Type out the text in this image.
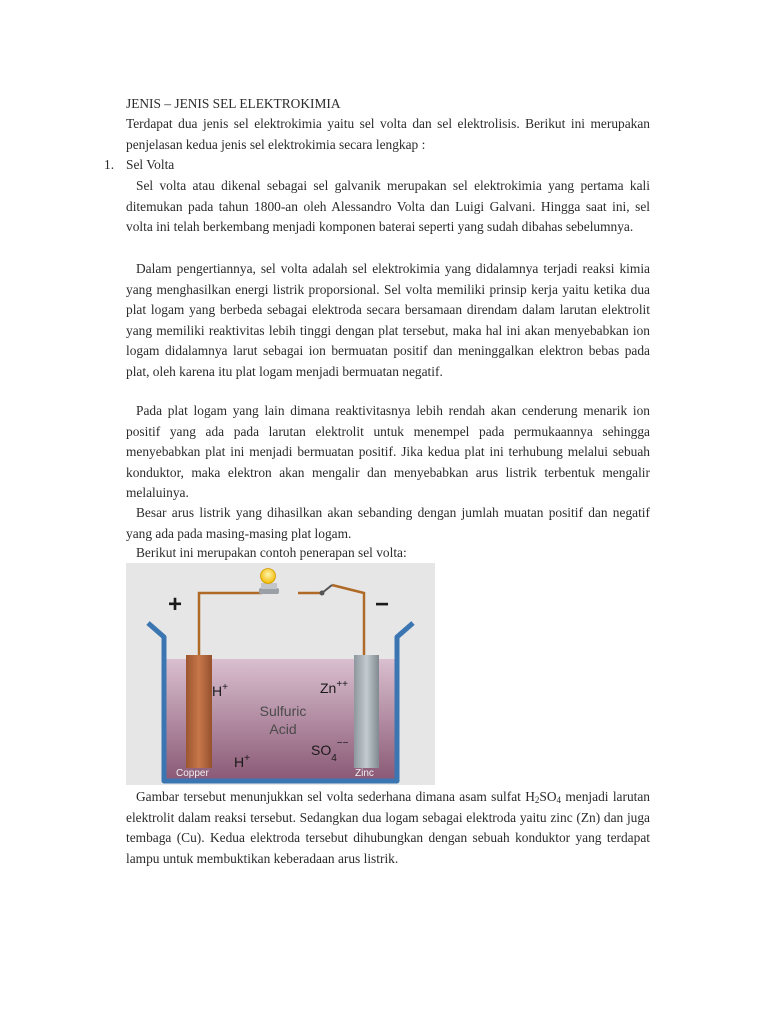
JENIS – JENIS SEL ELEKTROKIMIA

Terdapat dua jenis sel elektrokimia yaitu sel volta dan sel elektrolisis. Berikut ini merupakan penjelasan kedua jenis sel elektrokimia secara lengkap :

1. Sel Volta

Sel volta atau dikenal sebagai sel galvanik merupakan sel elektrokimia yang pertama kali ditemukan pada tahun 1800-an oleh Alessandro Volta dan Luigi Galvani. Hingga saat ini, sel volta ini telah berkembang menjadi komponen baterai seperti yang sudah dibahas sebelumnya.

Dalam pengertiannya, sel volta adalah sel elektrokimia yang didalamnya terjadi reaksi kimia yang menghasilkan energi listrik proporsional. Sel volta memiliki prinsip kerja yaitu ketika dua plat logam yang berbeda sebagai elektroda secara bersamaan direndam dalam larutan elektrolit yang memiliki reaktivitas lebih tinggi dengan plat tersebut, maka hal ini akan menyebabkan ion logam didalamnya larut sebagai ion bermuatan positif dan meninggalkan elektron bebas pada plat, oleh karena itu plat logam menjadi bermuatan negatif.

Pada plat logam yang lain dimana reaktivitasnya lebih rendah akan cenderung menarik ion positif yang ada pada larutan elektrolit untuk menempel pada permukaannya sehingga menyebabkan plat ini menjadi bermuatan positif. Jika kedua plat ini terhubung melalui sebuah konduktor, maka elektron akan mengalir dan menyebabkan arus listrik terbentuk mengalir melaluinya.

Besar arus listrik yang dihasilkan akan sebanding dengan jumlah muatan positif dan negatif yang ada pada masing-masing plat logam.

Berikut ini merupakan contoh penerapan sel volta:

+	−
H+
H+
Zn++
$SO_4^{--}$
Sulfuric
Acid
Copper	Zinc

Gambar tersebut menunjukkan sel volta sederhana dimana asam sulfat $H_2SO_4$ menjadi larutan elektrolit dalam reaksi tersebut. Sedangkan dua logam sebagai elektroda yaitu zinc (Zn) dan juga tembaga (Cu). Kedua elektroda tersebut dihubungkan dengan sebuah konduktor yang terdapat lampu untuk membuktikan keberadaan arus listrik.
